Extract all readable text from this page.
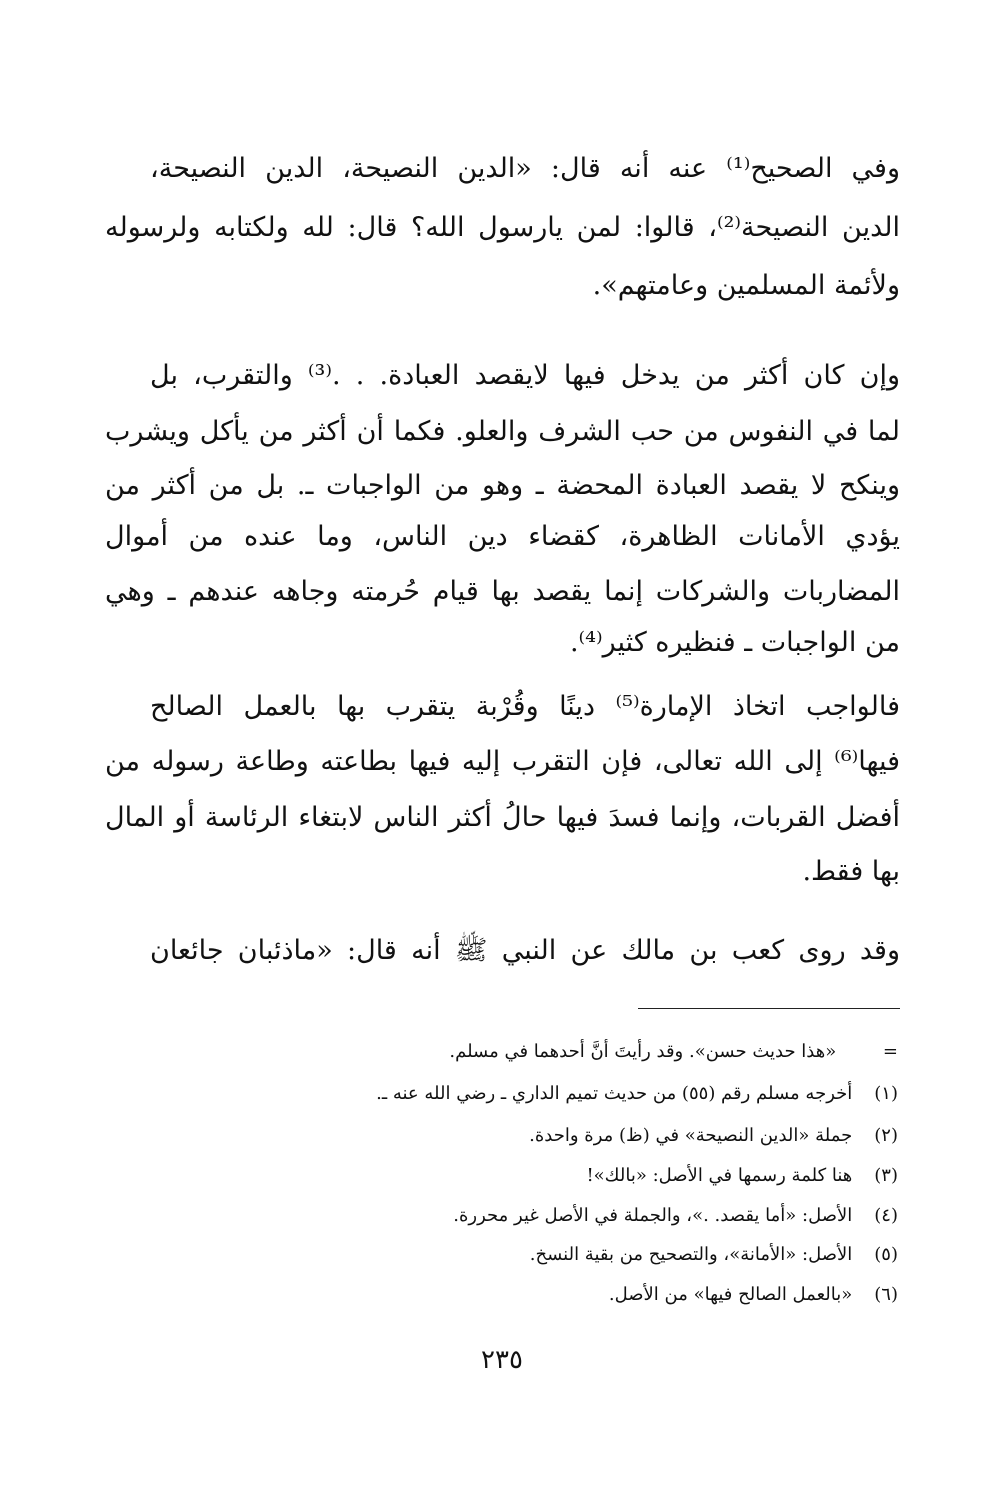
وفي الصحيح⁽¹⁾ عنه أنه قال: «الدين النصيحة، الدين النصيحة،
الدين النصيحة⁽²⁾، قالوا: لمن يارسول الله؟ قال: لله ولكتابه ولرسوله
ولأئمة المسلمين وعامتهم».
وإن كان أكثر من يدخل فيها لايقصد العبادة. . .⁽³⁾ والتقرب، بل
لما في النفوس من حب الشرف والعلو. فكما أن أكثر من يأكل ويشرب
وينكح لا يقصد العبادة المحضة ـ وهو من الواجبات ـ. بل من أكثر من
يؤدي الأمانات الظاهرة، كقضاء دين الناس، وما عنده من أموال
المضاربات والشركات إنما يقصد بها قيام حُرمته وجاهه عندهم ـ وهي
من الواجبات ـ فنظيره كثير⁽⁴⁾.
فالواجب اتخاذ الإمارة⁽⁵⁾ دينًا وقُرْبة يتقرب بها بالعمل الصالح
فيها⁽⁶⁾ إلى الله تعالى، فإن التقرب إليه فيها بطاعته وطاعة رسوله من
أفضل القربات، وإنما فسدَ فيها حالُ أكثر الناس لابتغاء الرئاسة أو المال
بها فقط.
وقد روى كعب بن مالك عن النبي ﷺ أنه قال: «ماذئبان جائعان
= «هذا حديث حسن». وقد رأيتَ أنَّ أحدهما في مسلم.
(١) أخرجه مسلم رقم (٥٥) من حديث تميم الداري ـ رضي الله عنه ـ.
(٢) جملة «الدين النصيحة» في (ظ) مرة واحدة.
(٣) هنا كلمة رسمها في الأصل: «بالك»!
(٤) الأصل: «أما يقصد. .»، والجملة في الأصل غير محررة.
(٥) الأصل: «الأمانة»، والتصحيح من بقية النسخ.
(٦) «بالعمل الصالح فيها» من الأصل.
٢٣٥
